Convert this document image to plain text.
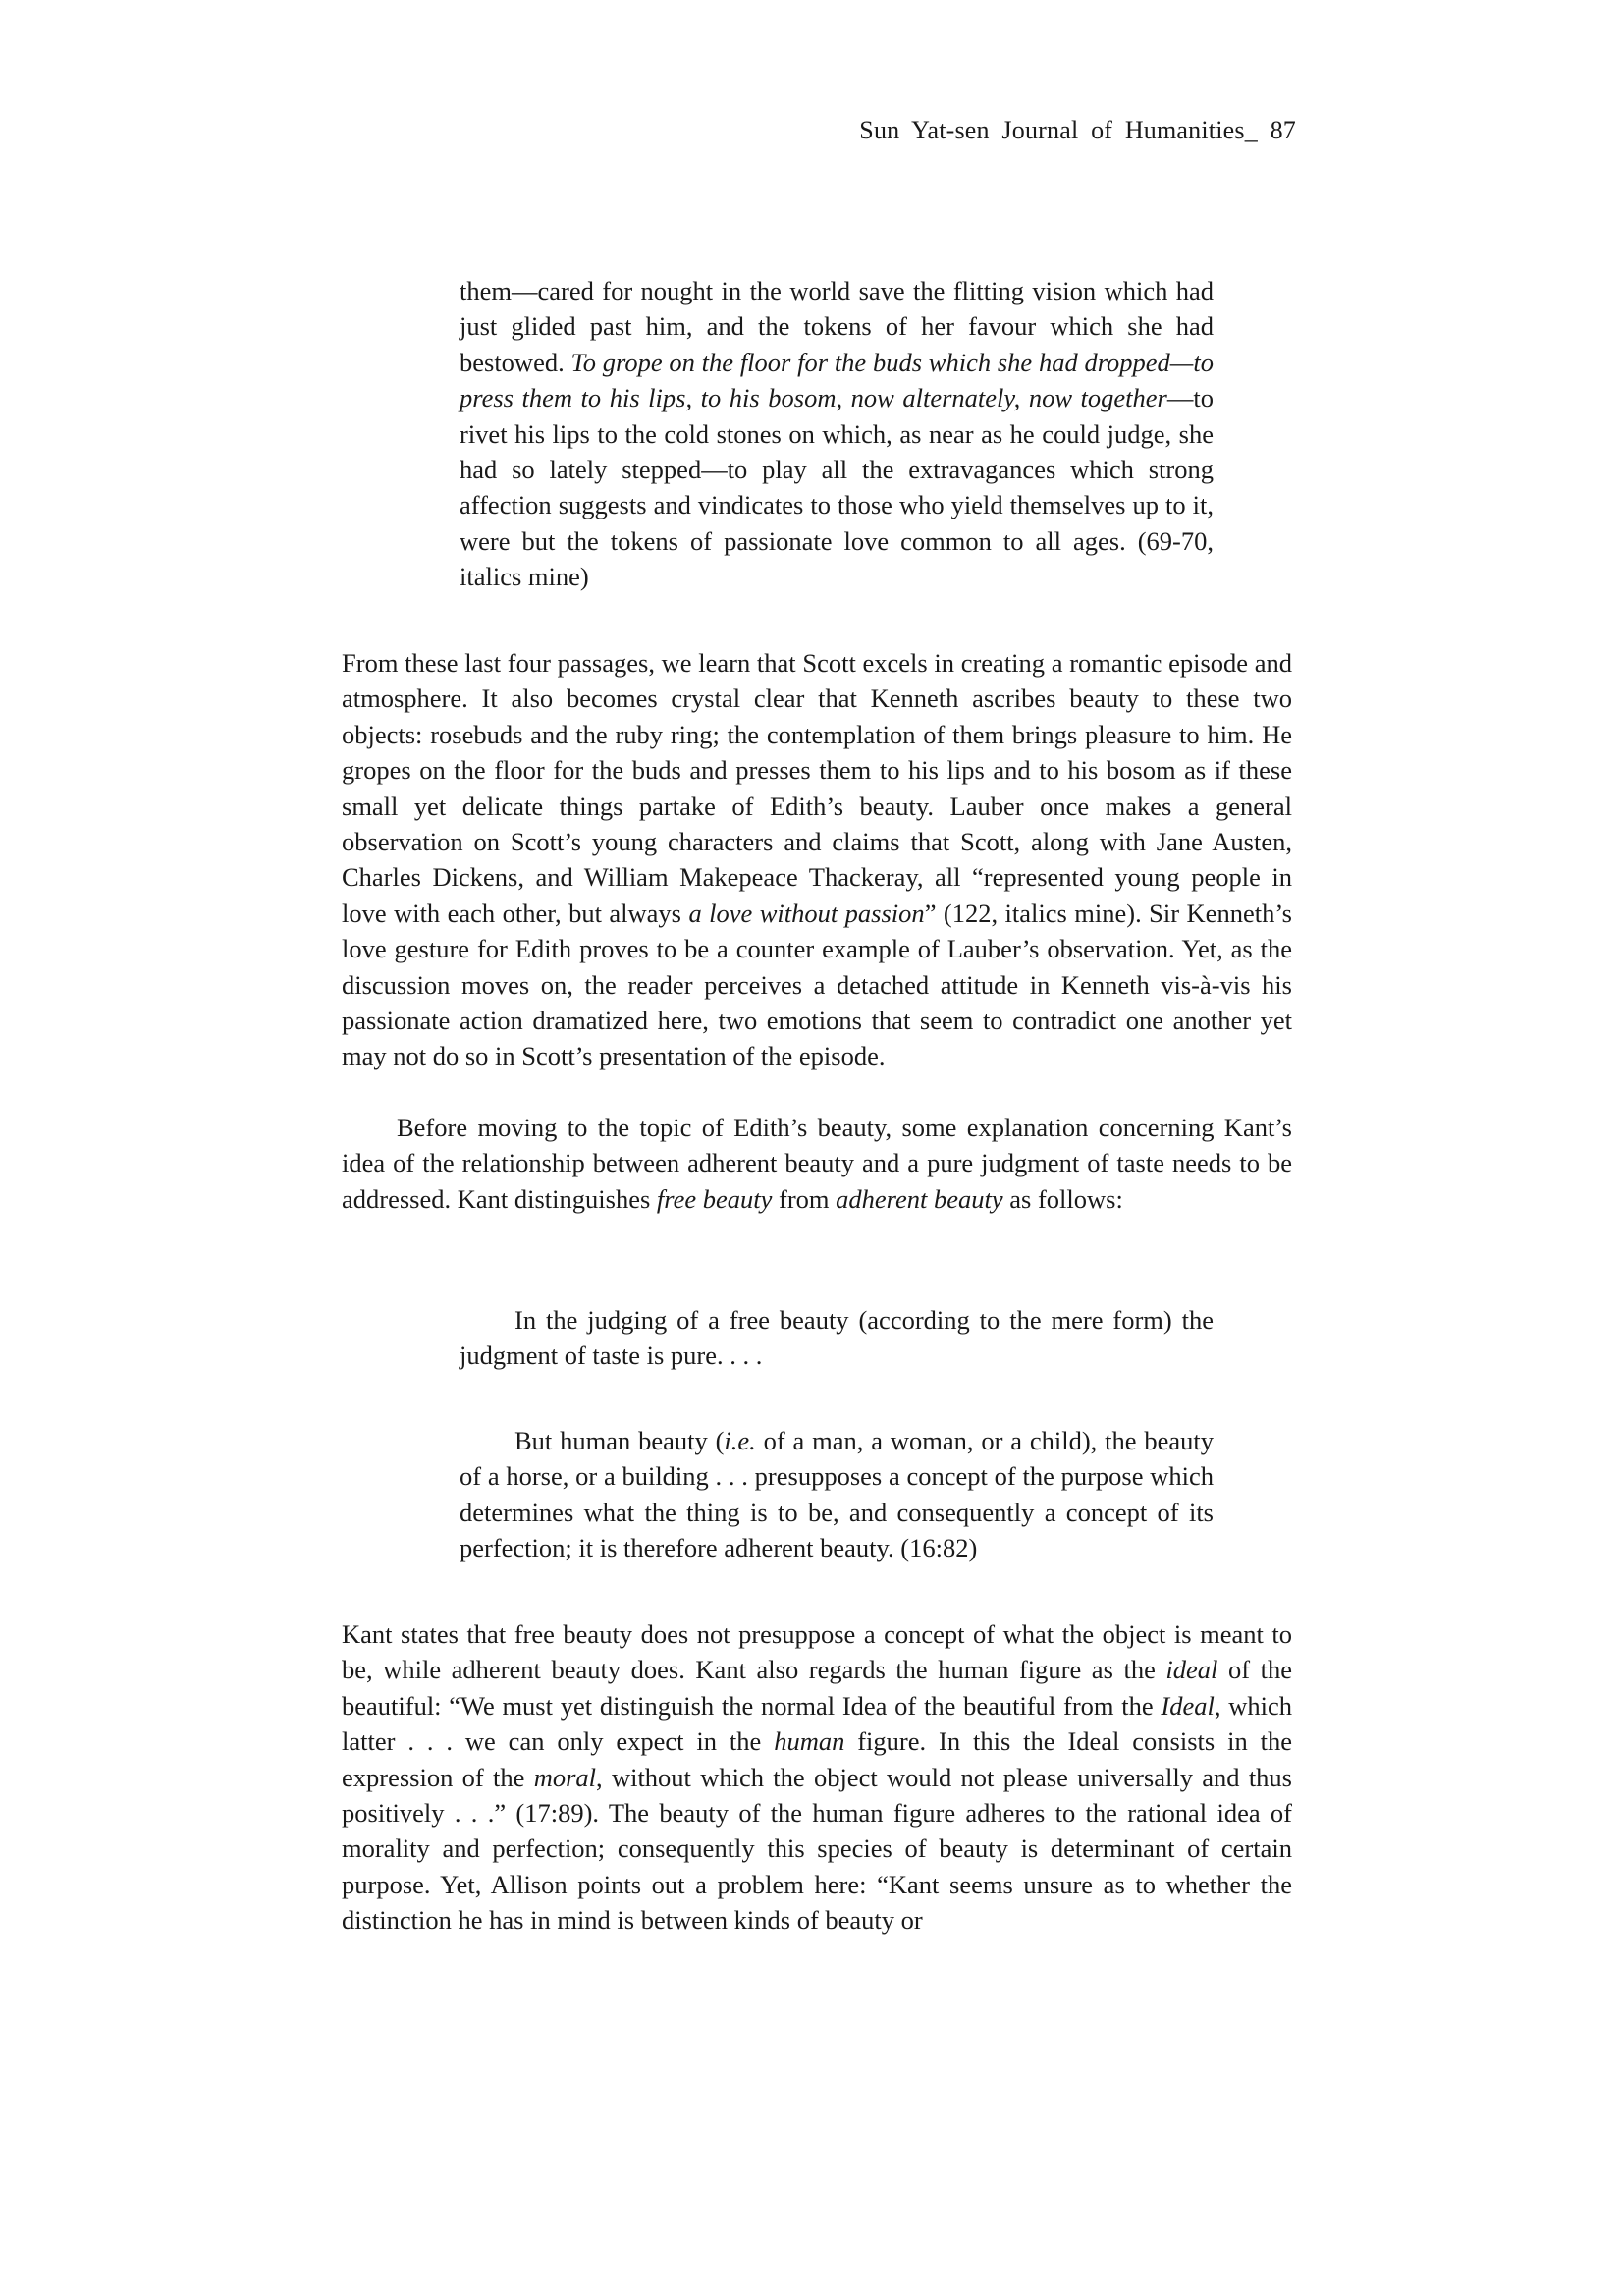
Sun Yat-sen Journal of Humanities_ 87

them—cared for nought in the world save the flitting vision which had just glided past him, and the tokens of her favour which she had bestowed. To grope on the floor for the buds which she had dropped—to press them to his lips, to his bosom, now alternately, now together—to rivet his lips to the cold stones on which, as near as he could judge, she had so lately stepped—to play all the extravagances which strong affection suggests and vindicates to those who yield themselves up to it, were but the tokens of passionate love common to all ages. (69-70, italics mine)

From these last four passages, we learn that Scott excels in creating a romantic episode and atmosphere. It also becomes crystal clear that Kenneth ascribes beauty to these two objects: rosebuds and the ruby ring; the contemplation of them brings pleasure to him. He gropes on the floor for the buds and presses them to his lips and to his bosom as if these small yet delicate things partake of Edith’s beauty. Lauber once makes a general observation on Scott’s young characters and claims that Scott, along with Jane Austen, Charles Dickens, and William Makepeace Thackeray, all “represented young people in love with each other, but always a love without passion” (122, italics mine). Sir Kenneth’s love gesture for Edith proves to be a counter example of Lauber’s observation. Yet, as the discussion moves on, the reader perceives a detached attitude in Kenneth vis-à-vis his passionate action dramatized here, two emotions that seem to contradict one another yet may not do so in Scott’s presentation of the episode.

Before moving to the topic of Edith’s beauty, some explanation concerning Kant’s idea of the relationship between adherent beauty and a pure judgment of taste needs to be addressed. Kant distinguishes free beauty from adherent beauty as follows:

In the judging of a free beauty (according to the mere form) the judgment of taste is pure. . . .

But human beauty (i.e. of a man, a woman, or a child), the beauty of a horse, or a building . . . presupposes a concept of the purpose which determines what the thing is to be, and consequently a concept of its perfection; it is therefore adherent beauty. (16:82)

Kant states that free beauty does not presuppose a concept of what the object is meant to be, while adherent beauty does. Kant also regards the human figure as the ideal of the beautiful: “We must yet distinguish the normal Idea of the beautiful from the Ideal, which latter . . . we can only expect in the human figure. In this the Ideal consists in the expression of the moral, without which the object would not please universally and thus positively . . .” (17:89). The beauty of the human figure adheres to the rational idea of morality and perfection; consequently this species of beauty is determinant of certain purpose. Yet, Allison points out a problem here: “Kant seems unsure as to whether the distinction he has in mind is between kinds of beauty or
